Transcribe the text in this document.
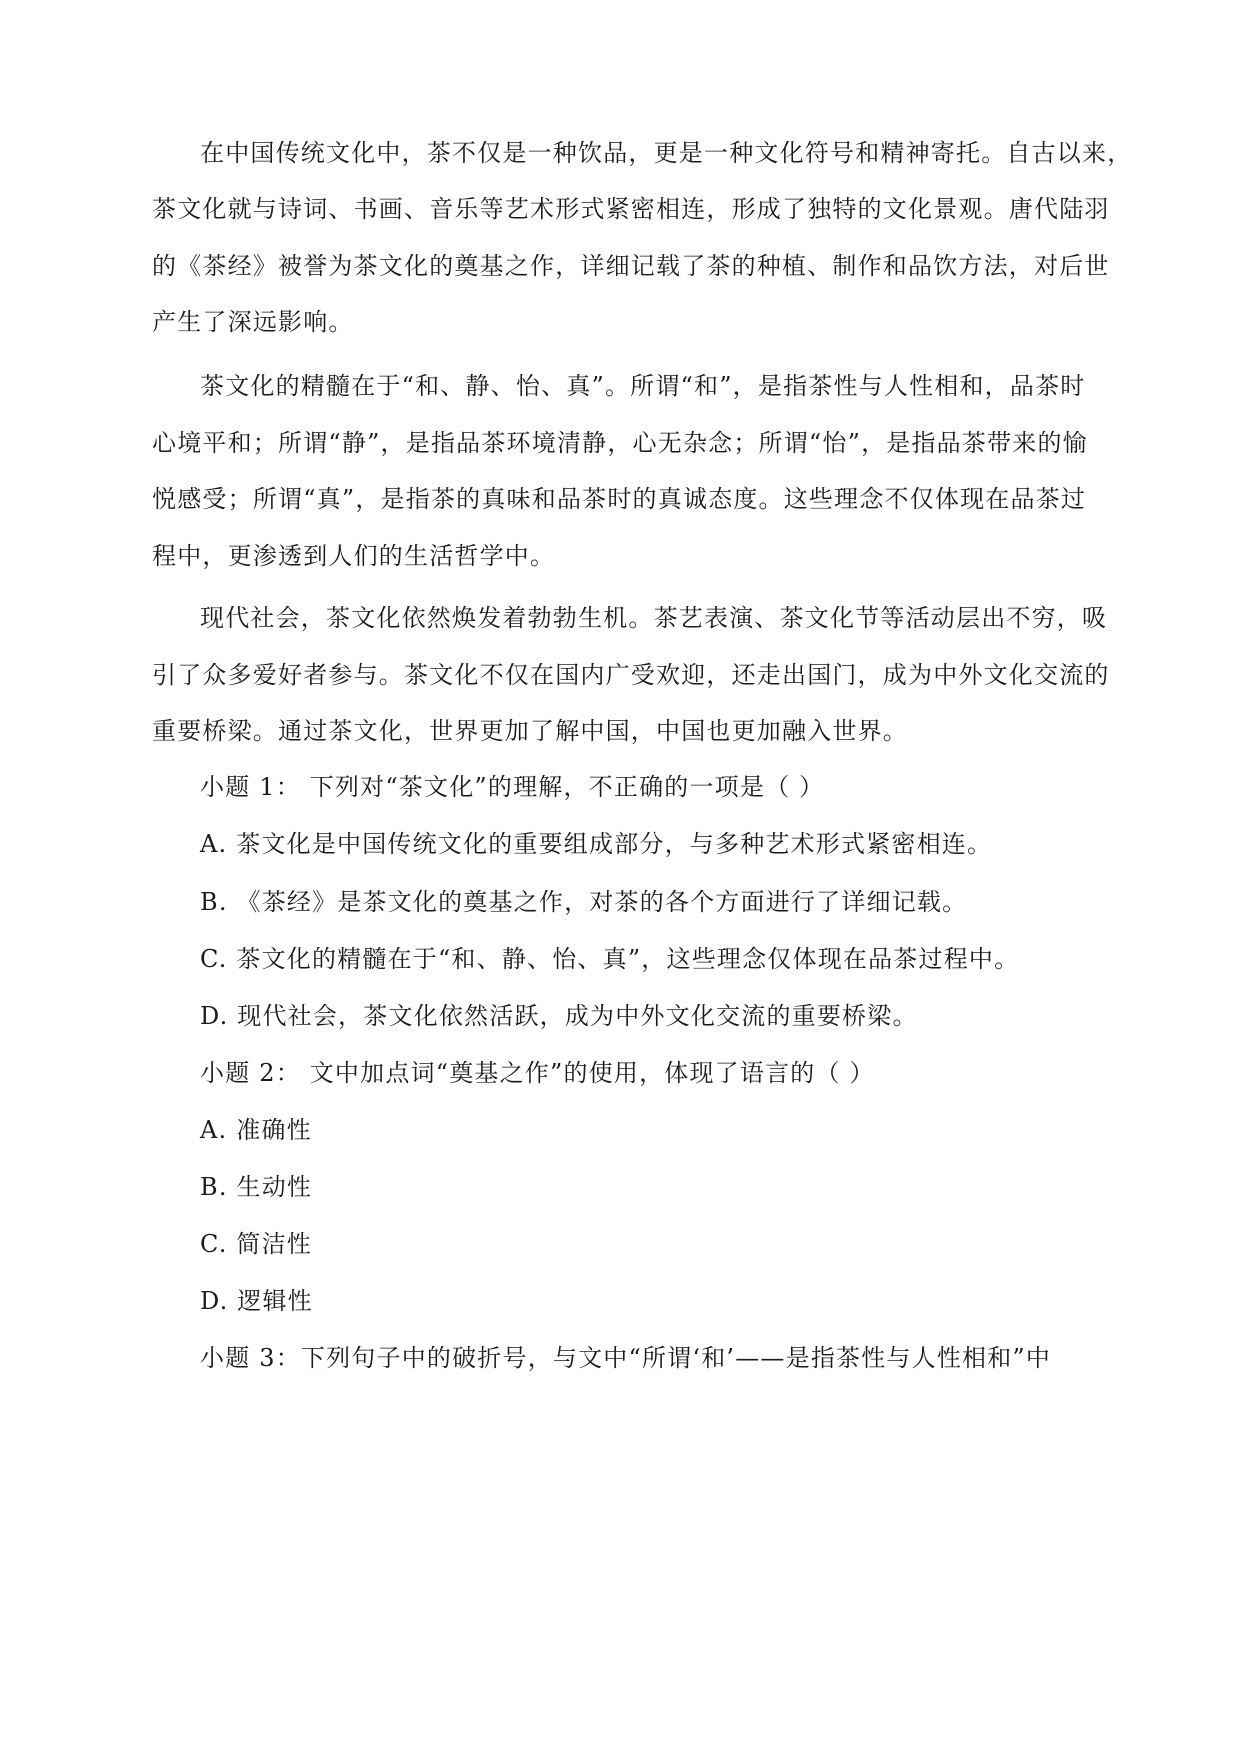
在中国传统文化中，茶不仅是一种饮品，更是一种文化符号和精神寄托。自古以来，
茶文化就与诗词、书画、音乐等艺术形式紧密相连，形成了独特的文化景观。唐代陆羽
的《茶经》被誉为茶文化的奠基之作，详细记载了茶的种植、制作和品饮方法，对后世
产生了深远影响。
茶文化的精髓在于“和、静、怡、真”。所谓“和”，是指茶性与人性相和，品茶时
心境平和；所谓“静”，是指品茶环境清静，心无杂念；所谓“怡”，是指品茶带来的愉
悦感受；所谓“真”，是指茶的真味和品茶时的真诚态度。这些理念不仅体现在品茶过
程中，更渗透到人们的生活哲学中。
现代社会，茶文化依然焕发着勃勃生机。茶艺表演、茶文化节等活动层出不穷，吸
引了众多爱好者参与。茶文化不仅在国内广受欢迎，还走出国门，成为中外文化交流的
重要桥梁。通过茶文化，世界更加了解中国，中国也更加融入世界。
小题 1： 下列对“茶文化”的理解，不正确的一项是（ ）
A. 茶文化是中国传统文化的重要组成部分，与多种艺术形式紧密相连。
B. 《茶经》是茶文化的奠基之作，对茶的各个方面进行了详细记载。
C. 茶文化的精髓在于“和、静、怡、真”，这些理念仅体现在品茶过程中。
D. 现代社会，茶文化依然活跃，成为中外文化交流的重要桥梁。
小题 2： 文中加点词“奠基之作”的使用，体现了语言的（ ）
A. 准确性
B. 生动性
C. 简洁性
D. 逻辑性
小题 3：下列句子中的破折号，与文中“所谓‘和’——是指茶性与人性相和”中
